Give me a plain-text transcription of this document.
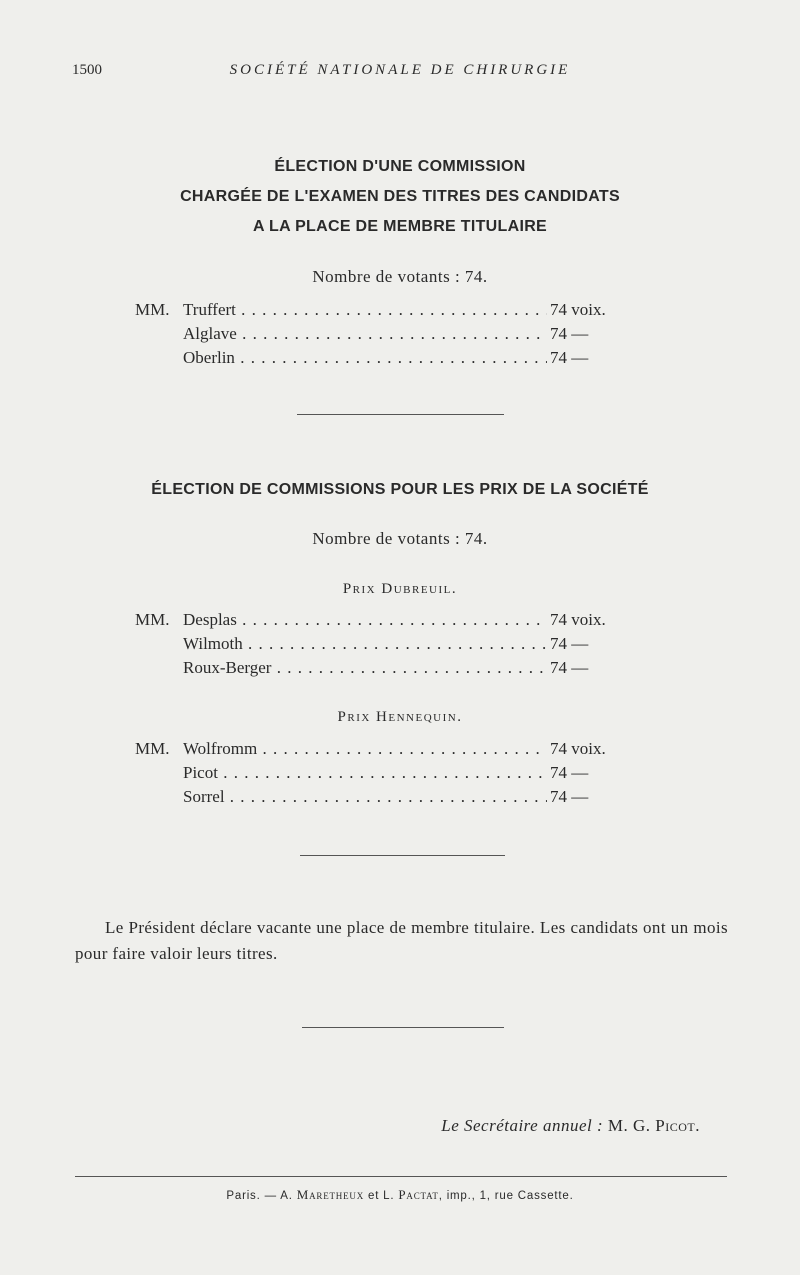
1500	SOCIÉTÉ NATIONALE DE CHIRURGIE
ÉLECTION D'UNE COMMISSION
CHARGÉE DE L'EXAMEN DES TITRES DES CANDIDATS
A LA PLACE DE MEMBRE TITULAIRE
Nombre de votants : 74.
MM. Truffert . . .	74 voix.
Alglave . . .	74 —
Oberlin . . .	74 —
ÉLECTION DE COMMISSIONS POUR LES PRIX DE LA SOCIÉTÉ
Nombre de votants : 74.
Prix Dubreuil.
MM. Desplas . . .	74 voix.
Wilmoth . . .	74 —
Roux-Berger . . .	74 —
Prix Hennequin.
MM. Wolfromm . . .	74 voix.
Picot . . .	74 —
Sorrel . . .	74 —
Le Président déclare vacante une place de membre titulaire. Les candidats ont un mois pour faire valoir leurs titres.
Le Secrétaire annuel : M. G. Picot.
Paris. — A. Maretheux et L. Pactat, imp., 1, rue Cassette.
